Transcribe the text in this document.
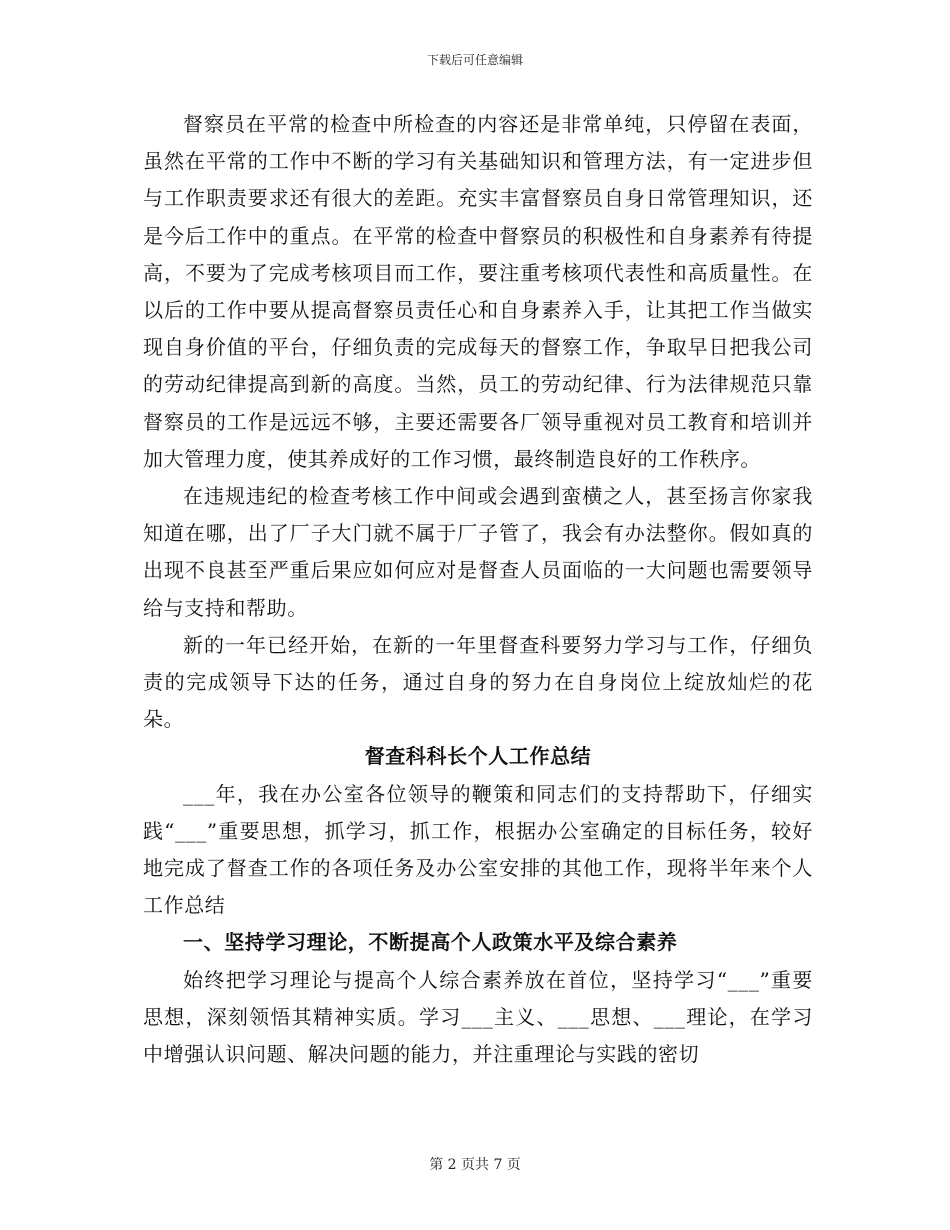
下载后可任意编辑

督察员在平常的检查中所检查的内容还是非常单纯，只停留在表面，虽然在平常的工作中不断的学习有关基础知识和管理方法，有一定进步但与工作职责要求还有很大的差距。充实丰富督察员自身日常管理知识，还是今后工作中的重点。在平常的检查中督察员的积极性和自身素养有待提高，不要为了完成考核项目而工作，要注重考核项代表性和高质量性。在以后的工作中要从提高督察员责任心和自身素养入手，让其把工作当做实现自身价值的平台，仔细负责的完成每天的督察工作，争取早日把我公司的劳动纪律提高到新的高度。当然，员工的劳动纪律、行为法律规范只靠督察员的工作是远远不够，主要还需要各厂领导重视对员工教育和培训并加大管理力度，使其养成好的工作习惯，最终制造良好的工作秩序。

在违规违纪的检查考核工作中间或会遇到蛮横之人，甚至扬言你家我知道在哪，出了厂子大门就不属于厂子管了，我会有办法整你。假如真的出现不良甚至严重后果应如何应对是督查人员面临的一大问题也需要领导给与支持和帮助。

新的一年已经开始，在新的一年里督查科要努力学习与工作，仔细负责的完成领导下达的任务，通过自身的努力在自身岗位上绽放灿烂的花朵。

督查科科长个人工作总结

___年，我在办公室各位领导的鞭策和同志们的支持帮助下，仔细实践“___”重要思想，抓学习，抓工作，根据办公室确定的目标任务，较好地完成了督查工作的各项任务及办公室安排的其他工作，现将半年来个人工作总结

一、坚持学习理论，不断提高个人政策水平及综合素养

始终把学习理论与提高个人综合素养放在首位，坚持学习“___”重要思想，深刻领悟其精神实质。学习___主义、___思想、___理论，在学习中增强认识问题、解决问题的能力，并注重理论与实践的密切

第 2 页共 7 页
